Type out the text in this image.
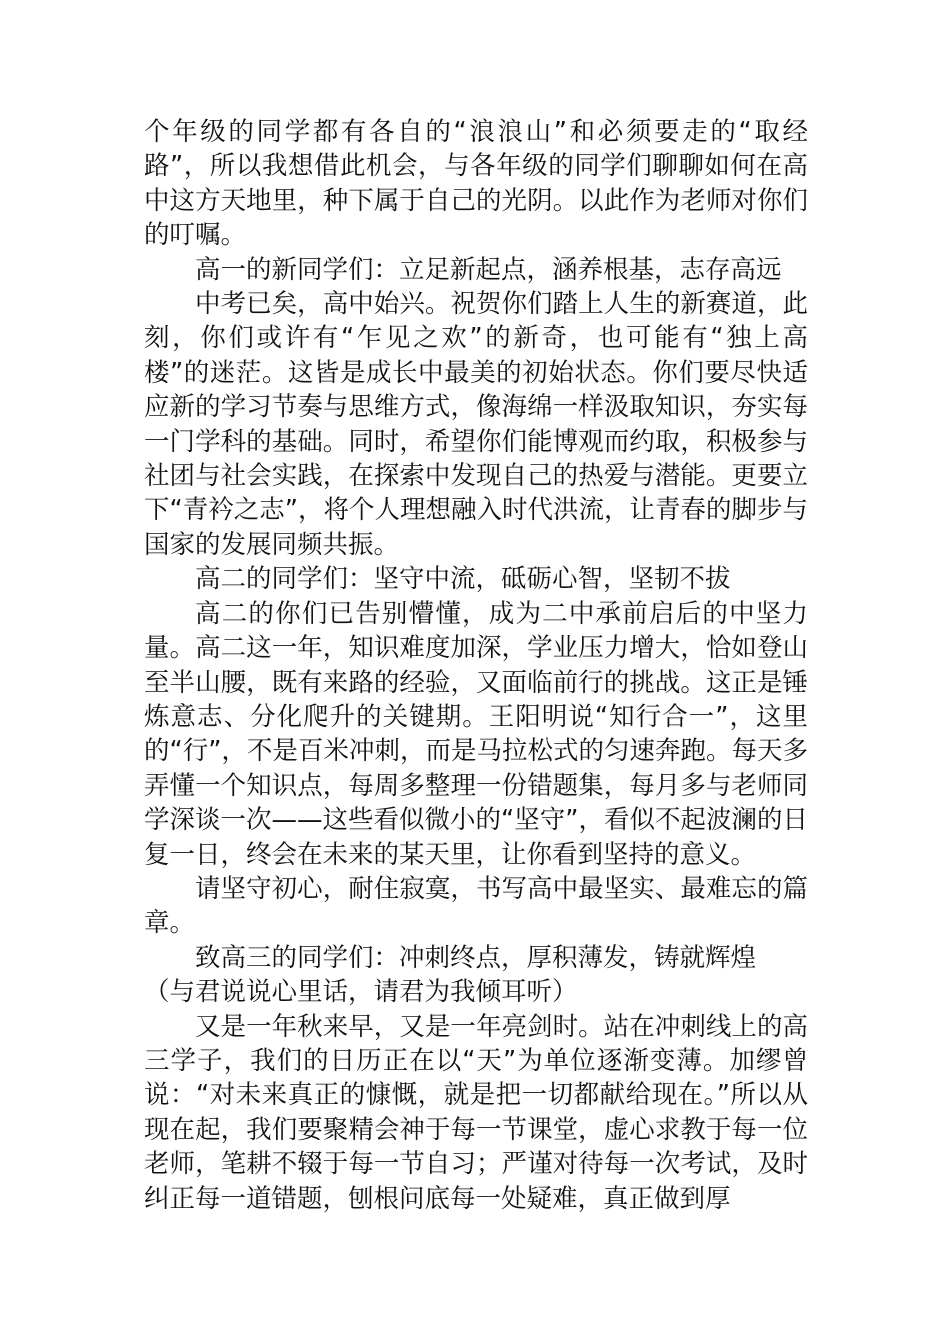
个年级的同学都有各自的“浪浪山”和必须要走的“取经路”，所以我想借此机会，与各年级的同学们聊聊如何在高中这方天地里，种下属于自己的光阴。以此作为老师对你们的叮嘱。

高一的新同学们：立足新起点，涵养根基，志存高远

中考已矣，高中始兴。祝贺你们踏上人生的新赛道，此刻，你们或许有“乍见之欢”的新奇，也可能有“独上高楼”的迷茫。这皆是成长中最美的初始状态。你们要尽快适应新的学习节奏与思维方式，像海绵一样汲取知识，夯实每一门学科的基础。同时，希望你们能博观而约取，积极参与社团与社会实践，在探索中发现自己的热爱与潜能。更要立下“青衿之志”，将个人理想融入时代洪流，让青春的脚步与国家的发展同频共振。

高二的同学们：坚守中流，砥砺心智，坚韧不拔

高二的你们已告别懵懂，成为二中承前启后的中坚力量。高二这一年，知识难度加深，学业压力增大，恰如登山至半山腰，既有来路的经验，又面临前行的挑战。这正是锤炼意志、分化爬升的关键期。王阳明说“知行合一”，这里的“行”，不是百米冲刺，而是马拉松式的匀速奔跑。每天多弄懂一个知识点，每周多整理一份错题集，每月多与老师同学深谈一次——这些看似微小的“坚守”，看似不起波澜的日复一日，终会在未来的某天里，让你看到坚持的意义。

请坚守初心，耐住寂寞，书写高中最坚实、最难忘的篇章。

致高三的同学们：冲刺终点，厚积薄发，铸就辉煌

（与君说说心里话，请君为我倾耳听）

又是一年秋来早，又是一年亮剑时。站在冲刺线上的高三学子，我们的日历正在以“天”为单位逐渐变薄。加缪曾说：“对未来真正的慷慨，就是把一切都献给现在。”所以从现在起，我们要聚精会神于每一节课堂，虚心求教于每一位老师，笔耕不辍于每一节自习；严谨对待每一次考试，及时纠正每一道错题，刨根问底每一处疑难，真正做到厚
